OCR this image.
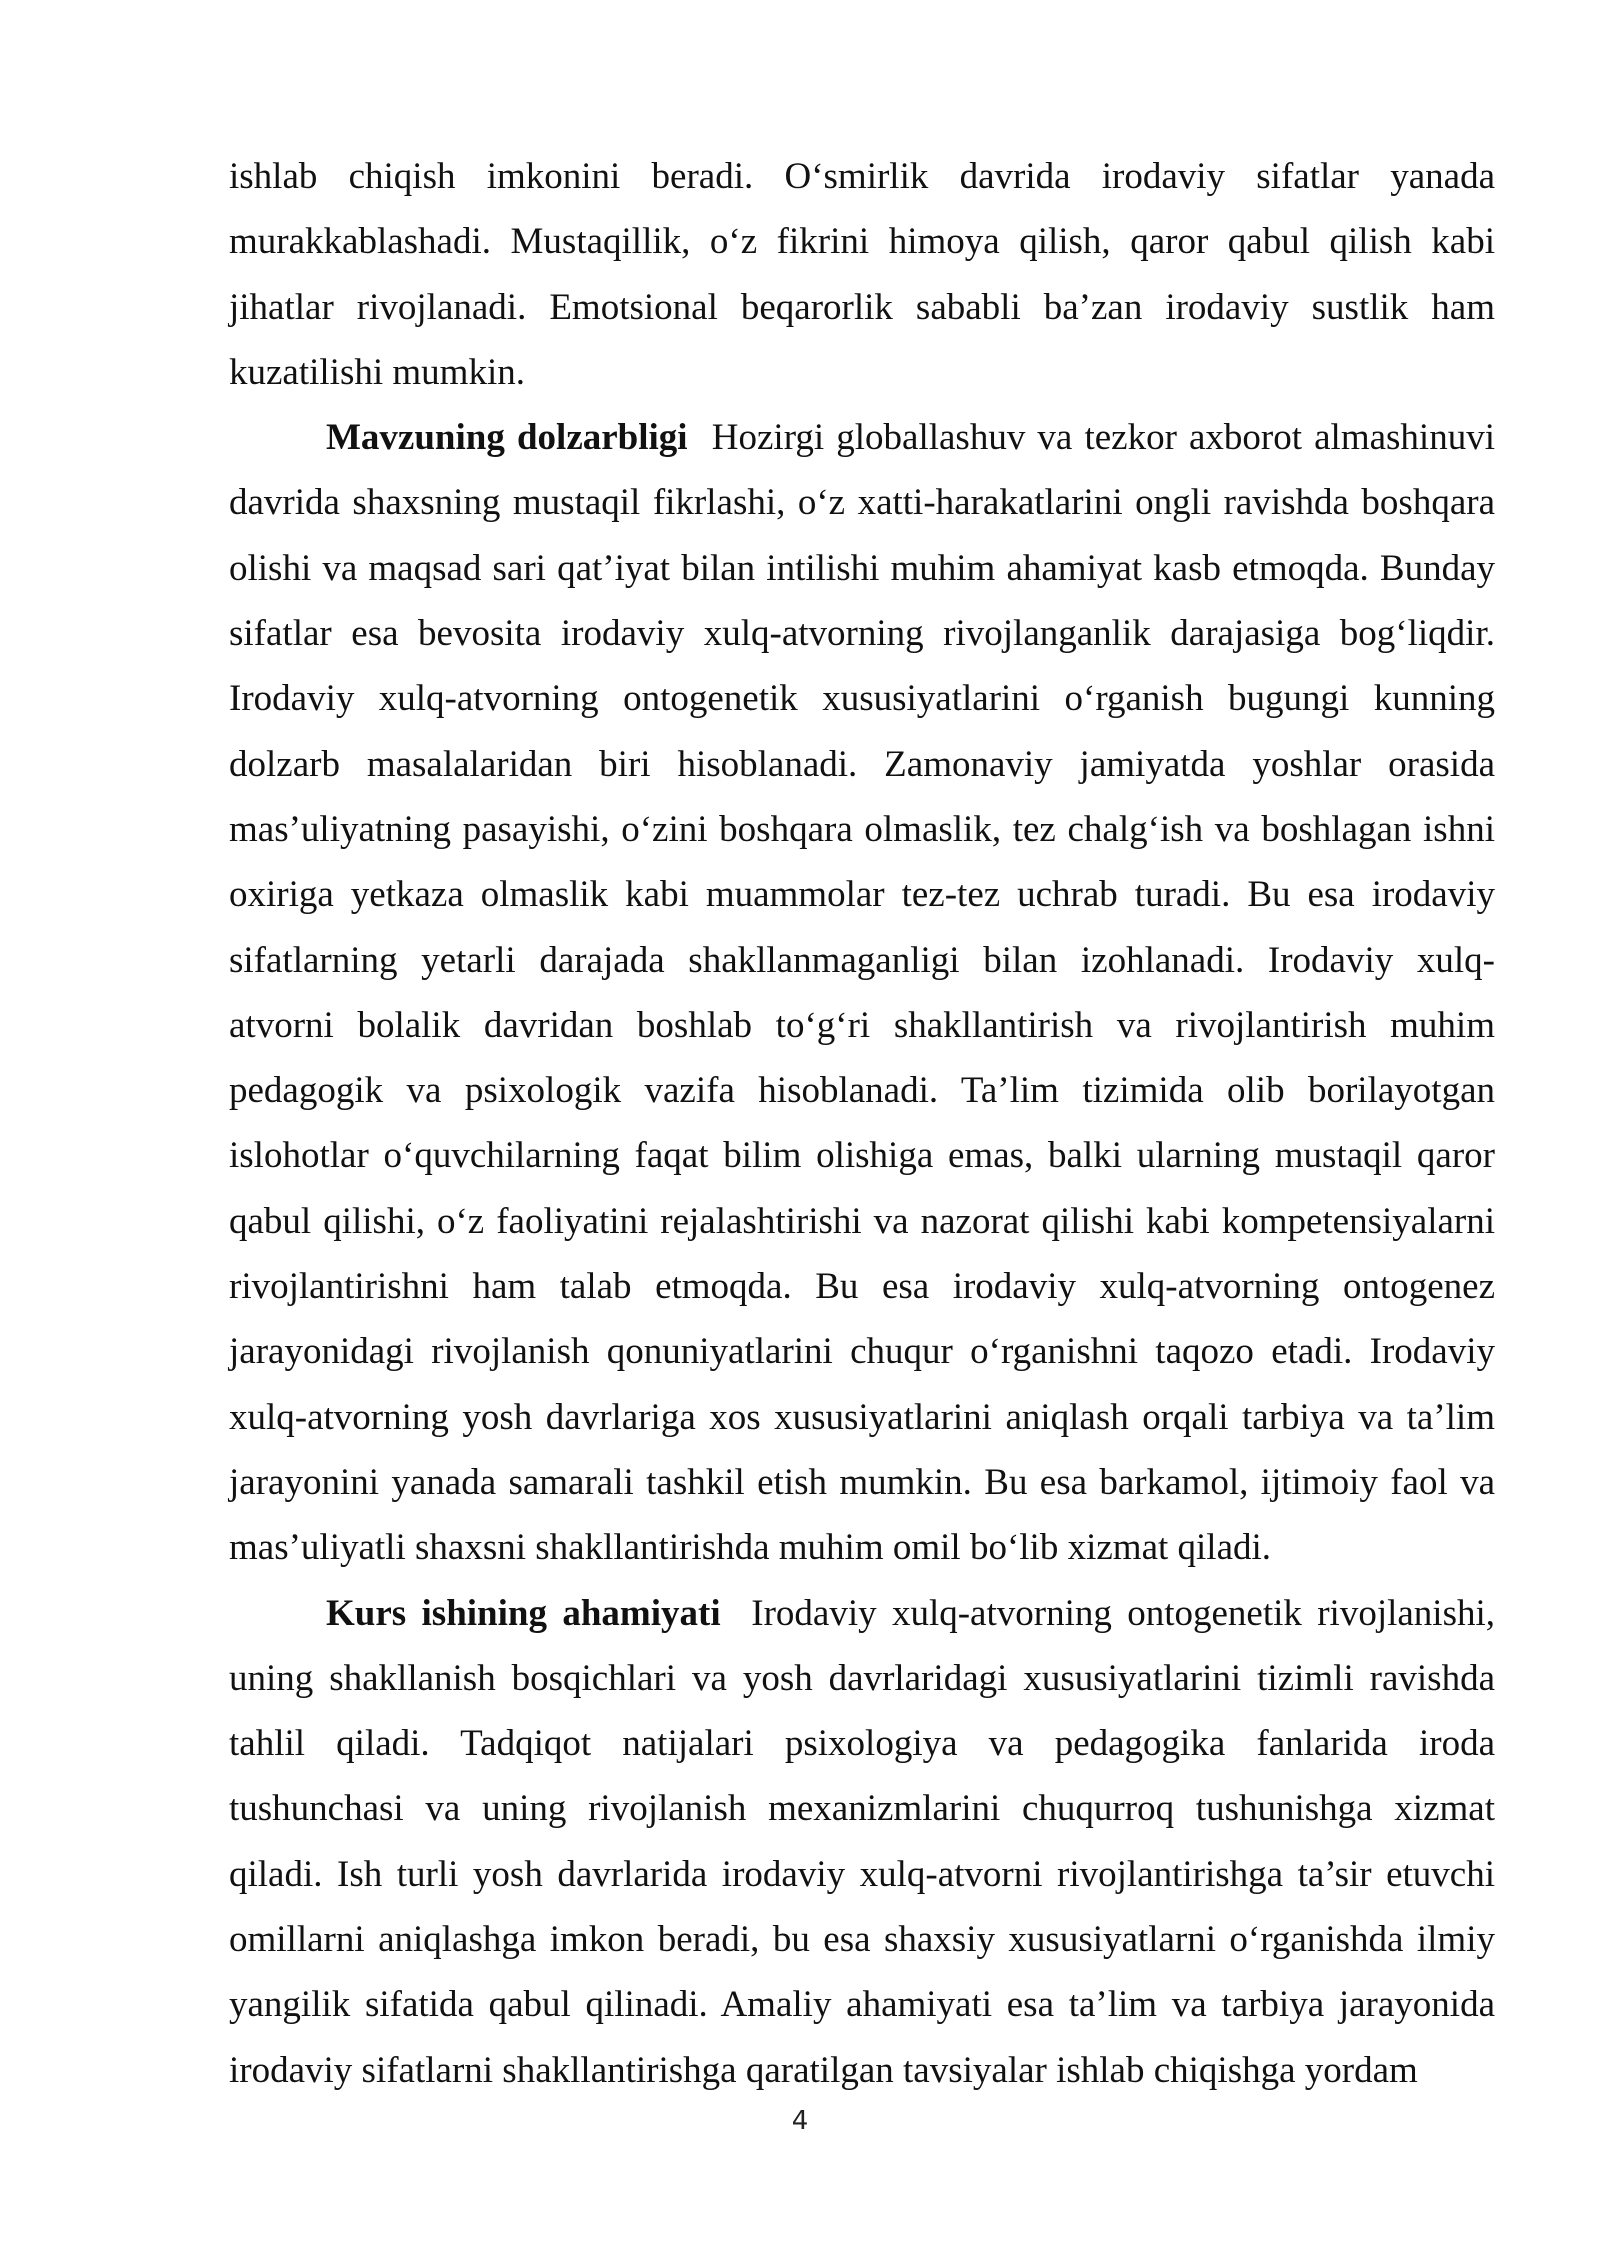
ishlab chiqish imkonini beradi. O‘smirlik davrida irodaviy sifatlar yanada murakkablashadi. Mustaqillik, o‘z fikrini himoya qilish, qaror qabul qilish kabi jihatlar rivojlanadi. Emotsional beqarorlik sababli ba’zan irodaviy sustlik ham kuzatilishi mumkin.

Mavzuning dolzarbligi Hozirgi globallashuv va tezkor axborot almashinuvi davrida shaxsning mustaqil fikrlashi, o‘z xatti-harakatlarini ongli ravishda boshqara olishi va maqsad sari qat’iyat bilan intilishi muhim ahamiyat kasb etmoqda. Bunday sifatlar esa bevosita irodaviy xulq-atvorning rivojlanganlik darajasiga bog‘liqdir. Irodaviy xulq-atvorning ontogenetik xususiyatlarini o‘rganish bugungi kunning dolzarb masalalaridan biri hisoblanadi. Zamonaviy jamiyatda yoshlar orasida mas’uliyatning pasayishi, o‘zini boshqara olmaslik, tez chalg‘ish va boshlagan ishni oxiriga yetkaza olmaslik kabi muammolar tez-tez uchrab turadi. Bu esa irodaviy sifatlarning yetarli darajada shakllanmaganligi bilan izohlanadi. Irodaviy xulq-atvorni bolalik davridan boshlab to‘g‘ri shakllantirish va rivojlantirish muhim pedagogik va psixologik vazifa hisoblanadi. Ta’lim tizimida olib borilayotgan islohotlar o‘quvchilarning faqat bilim olishiga emas, balki ularning mustaqil qaror qabul qilishi, o‘z faoliyatini rejalashtirishi va nazorat qilishi kabi kompetensiyalarni rivojlantirishni ham talab etmoqda. Bu esa irodaviy xulq-atvorning ontogenez jarayonidagi rivojlanish qonuniyatlarini chuqur o‘rganishni taqozo etadi. Irodaviy xulq-atvorning yosh davrlariga xos xususiyatlarini aniqlash orqali tarbiya va ta’lim jarayonini yanada samarali tashkil etish mumkin. Bu esa barkamol, ijtimoiy faol va mas’uliyatli shaxsni shakllantirishda muhim omil bo‘lib xizmat qiladi.

Kurs ishining ahamiyati Irodaviy xulq-atvorning ontogenetik rivojlanishi, uning shakllanish bosqichlari va yosh davrlaridagi xususiyatlarini tizimli ravishda tahlil qiladi. Tadqiqot natijalari psixologiya va pedagogika fanlarida iroda tushunchasi va uning rivojlanish mexanizmlarini chuqurroq tushunishga xizmat qiladi. Ish turli yosh davrlarida irodaviy xulq-atvorni rivojlantirishga ta’sir etuvchi omillarni aniqlashga imkon beradi, bu esa shaxsiy xususiyatlarni o‘rganishda ilmiy yangilik sifatida qabul qilinadi. Amaliy ahamiyati esa ta’lim va tarbiya jarayonida irodaviy sifatlarni shakllantirishga qaratilgan tavsiyalar ishlab chiqishga yordam

4
